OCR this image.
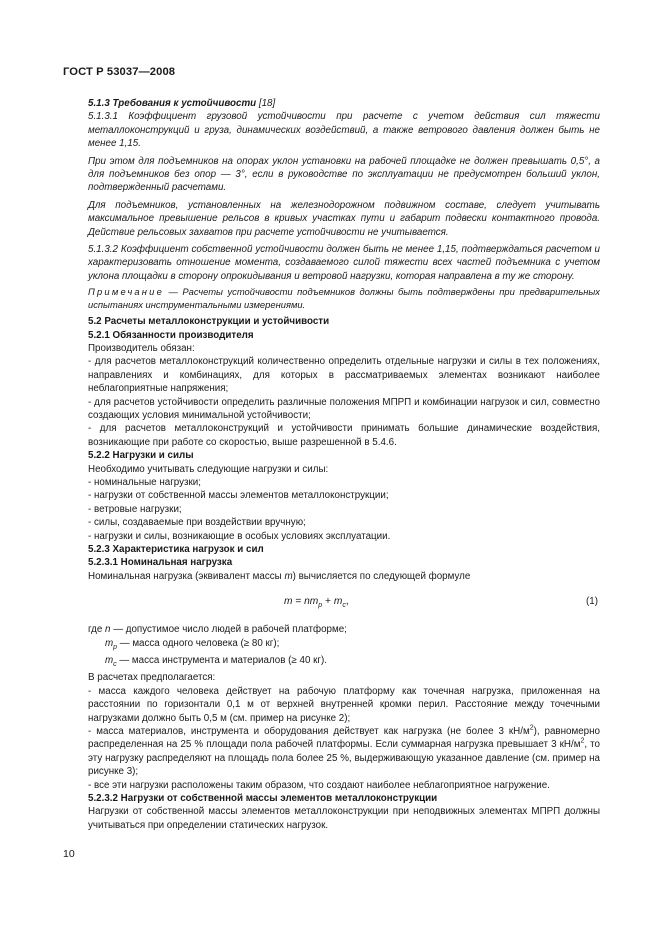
ГОСТ Р 53037—2008

5.1.3 Требования к устойчивости [18]

5.1.3.1 Коэффициент грузовой устойчивости при расчете с учетом действия сил тяжести металлоконструкций и груза, динамических воздействий, а также ветрового давления должен быть не менее 1,15.

При этом для подъемников на опорах уклон установки на рабочей площадке не должен превышать 0,5°, а для подъемников без опор — 3°, если в руководстве по эксплуатации не предусмотрен больший уклон, подтвержденный расчетами.

Для подъемников, установленных на железнодорожном подвижном составе, следует учитывать максимальное превышение рельсов в кривых участках пути и габарит подвески контактного провода. Действие рельсовых захватов при расчете устойчивости не учитывается.

5.1.3.2 Коэффициент собственной устойчивости должен быть не менее 1,15, подтверждаться расчетом и характеризовать отношение момента, создаваемого силой тяжести всех частей подъемника с учетом уклона площадки в сторону опрокидывания и ветровой нагрузки, которая направлена в ту же сторону.

Примечание — Расчеты устойчивости подъемников должны быть подтверждены при предварительных испытаниях инструментальными измерениями.

5.2 Расчеты металлоконструкции и устойчивости

5.2.1 Обязанности производителя

Производитель обязан:

- для расчетов металлоконструкций количественно определить отдельные нагрузки и силы в тех положениях, направлениях и комбинациях, для которых в рассматриваемых элементах возникают наиболее неблагоприятные напряжения;

- для расчетов устойчивости определить различные положения МПРП и комбинации нагрузок и сил, совместно создающих условия минимальной устойчивости;

- для расчетов металлоконструкций и устойчивости принимать большие динамические воздействия, возникающие при работе со скоростью, выше разрешенной в 5.4.6.

5.2.2 Нагрузки и силы

Необходимо учитывать следующие нагрузки и силы:

- номинальные нагрузки;

- нагрузки от собственной массы элементов металлоконструкции;

- ветровые нагрузки;

- силы, создаваемые при воздействии вручную;

- нагрузки и силы, возникающие в особых условиях эксплуатации.

5.2.3 Характеристика нагрузок и сил

5.2.3.1 Номинальная нагрузка

Номинальная нагрузка (эквивалент массы m) вычисляется по следующей формуле

$m = nm_p + m_c$,	(1)

где n — допустимое число людей в рабочей платформе;

$m_p$ — масса одного человека (≥ 80 кг);

$m_c$ — масса инструмента и материалов (≥ 40 кг).

В расчетах предполагается:

- масса каждого человека действует на рабочую платформу как точечная нагрузка, приложенная на расстоянии по горизонтали 0,1 м от верхней внутренней кромки перил. Расстояние между точечными нагрузками должно быть 0,5 м (см. пример на рисунке 2);

- масса материалов, инструмента и оборудования действует как нагрузка (не более 3 $кН/м^2$), равномерно распределенная на 25 % площади пола рабочей платформы. Если суммарная нагрузка превышает 3 $кН/м^2$, то эту нагрузку распределяют на площадь пола более 25 %, выдерживающую указанное давление (см. пример на рисунке 3);

- все эти нагрузки расположены таким образом, что создают наиболее неблагоприятное нагружение.

5.2.3.2 Нагрузки от собственной массы элементов металлоконструкции

Нагрузки от собственной массы элементов металлоконструкции при неподвижных элементах МПРП должны учитываться при определении статических нагрузок.

10
